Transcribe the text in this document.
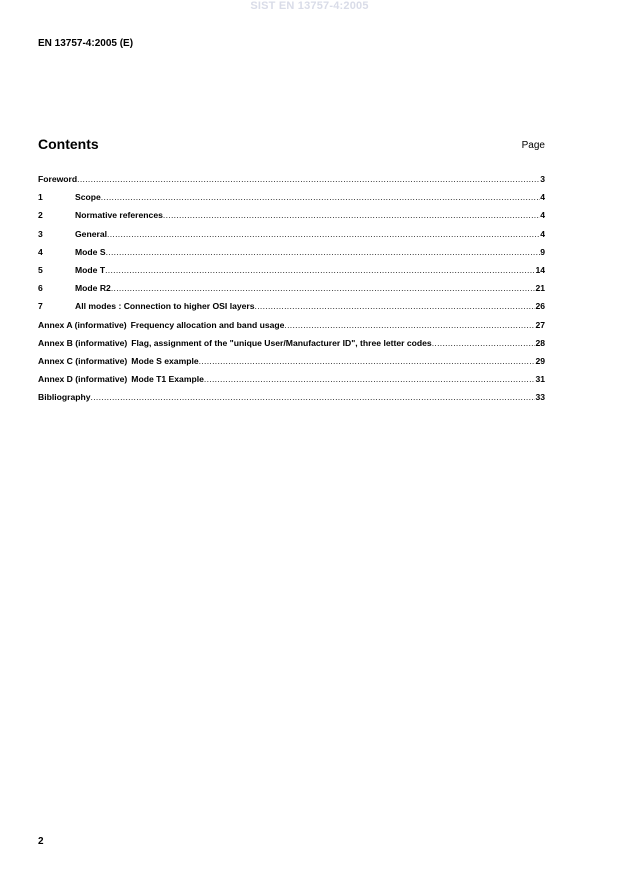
SIST EN 13757-4:2005
EN 13757-4:2005 (E)
Contents	Page
Foreword .....	3
1	Scope .....	4
2	Normative references .....	4
3	General .....	4
4	Mode S .....	9
5	Mode T .....	14
6	Mode R2 .....	21
7	All modes : Connection to higher OSI layers .....	26
Annex A (informative) Frequency allocation and band usage .....	27
Annex B (informative) Flag, assignment of the "unique User/Manufacturer ID", three letter codes .....	28
Annex C (informative) Mode S example .....	29
Annex D (informative) Mode T1 Example .....	31
Bibliography .....	33
2
